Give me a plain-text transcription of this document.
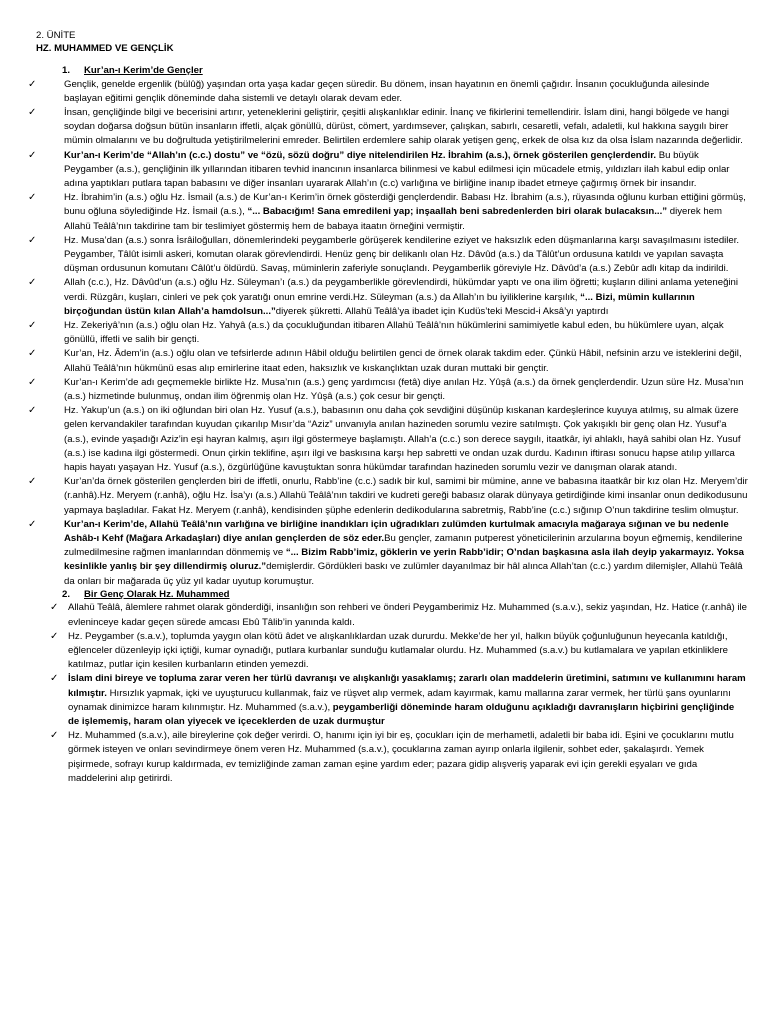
2. ÜNİTE
HZ. MUHAMMED VE GENÇLİK
1. Kur’an-ı Kerim’de Gençler

✓	Gençlik, genelde ergenlik (bülûğ) yaşından orta yaşa kadar geçen süredir. Bu dönem, insan hayatının en önemli çağıdır. İnsanın çocukluğunda ailesinde başlayan eğitimi gençlik döneminde daha sistemli ve detaylı olarak devam eder.

✓	İnsan, gençliğinde bilgi ve becerisini artırır, yeteneklerini geliştirir, çeşitli alışkanlıklar edinir. İnanç ve fikirlerini temellendirir. İslam dini, hangi bölgede ve hangi soydan doğarsa doğsun bütün insanların iffetli, alçak gönüllü, dürüst, cömert, yardımsever, çalışkan, sabırlı, cesaretli, vefalı, adaletli, kul hakkına saygılı birer mümin olmalarını ve bu doğrultuda yetiştirilmelerini emreder. Belirtilen erdemlere sahip olarak yetişen genç, erkek de olsa kız da olsa İslam nazarında değerlidir.

✓	Kur’an-ı Kerim’de “Allah’ın (c.c.) dostu” ve “özü, sözü doğru” diye nitelendirilen Hz. İbrahim (a.s.), örnek gösterilen gençlerdendir. Bu büyük Peygamber (a.s.), gençliğinin ilk yıllarından itibaren tevhid inancının insanlarca bilinmesi ve kabul edilmesi için mücadele etmiş, yıldızları ilah kabul edip onlar adına yaptıkları putlara tapan babasını ve diğer insanları uyararak Allah’ın (c.c) varlığına ve birliğine inanıp ibadet etmeye çağırmış örnek bir insandır.

✓	Hz. İbrahim’in (a.s.) oğlu Hz. İsmail (a.s.) de Kur’an-ı Kerim’in örnek gösterdiği gençlerdendir. Babası Hz. İbrahim (a.s.), rüyasında oğlunu kurban ettiğini görmüş, bunu oğluna söylediğinde Hz. İsmail (a.s.), “... Babacığım! Sana emredileni yap; inşaallah beni sabredenlerden biri olarak bulacaksın...” diyerek hem Allahü Teâlâ’nın takdirine tam bir teslimiyet göstermiş hem de babaya itaatın örneğini vermiştir.

✓	Hz. Musa’dan (a.s.) sonra İsrâiloğulları, dönemlerindeki peygamberle görüşerek kendilerine eziyet ve haksızlık eden düşmanlarına karşı savaşılmasını istediler. Peygamber, Tâlût isimli askeri, komutan olarak görevlendirdi. Henüz genç bir delikanlı olan Hz. Dâvûd (a.s.) da Tâlût’un ordusuna katıldı ve yapılan savaşta düşman ordusunun komutanı Câlût’u öldürdü. Savaş, müminlerin zaferiyle sonuçlandı. Peygamberlik göreviyle Hz. Dâvûd’a (a.s.) Zebûr adlı kitap da indirildi.

✓	Allah (c.c.), Hz. Dâvûd’un (a.s.) oğlu Hz. Süleyman’ı (a.s.) da peygamberlikle görevlendirdi, hükümdar yaptı ve ona ilim öğretti; kuşların dilini anlama yeteneğini verdi. Rüzgârı, kuşları, cinleri ve pek çok yaratığı onun emrine verdi.Hz. Süleyman (a.s.) da Allah’ın bu iyiliklerine karşılık, “... Bizi, mümin kullarının birçoğundan üstün kılan Allah’a hamdolsun...”diyerek şükretti. Allahü Teâlâ’ya ibadet için Kudüs’teki Mescid-i Aksâ’yı yaptırdı

✓	Hz. Zekeriyâ’nın (a.s.) oğlu olan Hz. Yahyâ (a.s.) da çocukluğundan itibaren Allahü Teâlâ’nın hükümlerini samimiyetle kabul eden, bu hükümlere uyan, alçak gönüllü, iffetli ve salih bir gençti.

✓	Kur’an, Hz. Âdem’in (a.s.) oğlu olan ve tefsirlerde adının Hâbil olduğu belirtilen genci de örnek olarak takdim eder. Çünkü Hâbil, nefsinin arzu ve isteklerini değil, Allahü Teâlâ’nın hükmünü esas alıp emirlerine itaat eden, haksızlık ve kıskançlıktan uzak duran muttaki bir gençtir.

✓	Kur’an-ı Kerim’de adı geçmemekle birlikte Hz. Musa’nın (a.s.) genç yardımcısı (fetâ) diye anılan Hz. Yûşâ (a.s.) da örnek gençlerdendir. Uzun süre Hz. Musa’nın (a.s.) hizmetinde bulunmuş, ondan ilim öğrenmiş olan Hz. Yûşâ (a.s.) çok cesur bir gençti.

✓	Hz. Yakup’un (a.s.) on iki oğlundan biri olan Hz. Yusuf (a.s.), babasının onu daha çok sevdiğini düşünüp kıskanan kardeşlerince kuyuya atılmış, su almak üzere gelen kervandakiler tarafından kuyudan çıkarılıp Mısır’da “Aziz” unvanıyla anılan hazineden sorumlu vezire satılmıştı. Çok yakışıklı bir genç olan Hz. Yusuf’a (a.s.), evinde yaşadığı Aziz’in eşi hayran kalmış, aşırı ilgi göstermeye başlamıştı. Allah’a (c.c.) son derece saygılı, itaatkâr, iyi ahlaklı, hayâ sahibi olan Hz. Yusuf (a.s.) ise kadına ilgi göstermedi. Onun çirkin teklifine, aşırı ilgi ve baskısına karşı hep sabretti ve ondan uzak durdu. Kadının iftirası sonucu hapse atılıp yıllarca hapis hayatı yaşayan Hz. Yusuf (a.s.), özgürlüğüne kavuştuktan sonra hükümdar tarafından hazineden sorumlu vezir ve danışman olarak atandı.

✓	Kur’an’da örnek gösterilen gençlerden biri de iffetli, onurlu, Rabb’ine (c.c.) sadık bir kul, samimi bir mümine, anne ve babasına itaatkâr bir kız olan Hz. Meryem’dir (r.anhâ).Hz. Meryem (r.anhâ), oğlu Hz. İsa’yı (a.s.) Allahü Teâlâ’nın takdiri ve kudreti gereği babasız olarak dünyaya getirdiğinde kimi insanlar onun dedikodusunu yapmaya başladılar. Fakat Hz. Meryem (r.anhâ), kendisinden şüphe edenlerin dedikodularına sabretmiş, Rabb’ine (c.c.) sığınıp O’nun takdirine teslim olmuştur.

✓	Kur’an-ı Kerim’de, Allahü Teâlâ’nın varlığına ve birliğine inandıkları için uğradıkları zulümden kurtulmak amacıyla mağaraya sığınan ve bu nedenle Ashâb-ı Kehf (Mağara Arkadaşları) diye anılan gençlerden de söz eder.Bu gençler, zamanın putperest yöneticilerinin arzularına boyun eğmemiş, kendilerine zulmedilmesine rağmen imanlarından dönmemiş ve “... Bizim Rabb’imiz, göklerin ve yerin Rabb’idir; O’ndan başkasına asla ilah deyip yakarmayız. Yoksa kesinlikle yanlış bir şey dillendirmiş oluruz.”demişlerdir. Gördükleri baskı ve zulümler dayanılmaz bir hâl alınca Allah’tan (c.c.) yardım dilemişler, Allahü Teâlâ da onları bir mağarada üç yüz yıl kadar uyutup korumuştur.

2. Bir Genç Olarak Hz. Muhammed

✓ Allahü Teâlâ, âlemlere rahmet olarak gönderdiği, insanlığın son rehberi ve önderi Peygamberimiz Hz. Muhammed (s.a.v.), sekiz yaşından, Hz. Hatice (r.anhâ) ile evleninceye kadar geçen sürede amcası Ebû Tâlib’in yanında kaldı.

✓ Hz. Peygamber (s.a.v.), toplumda yaygın olan kötü âdet ve alışkanlıklardan uzak dururdu. Mekke’de her yıl, halkın büyük çoğunluğunun heyecanla katıldığı, eğlenceler düzenleyip içki içtiği, kumar oynadığı, putlara kurbanlar sunduğu kutlamalar olurdu. Hz. Muhammed (s.a.v.) bu kutlamalara ve yapılan etkinliklere katılmaz, putlar için kesilen kurbanların etinden yemezdi.

✓ İslam dini bireye ve topluma zarar veren her türlü davranışı ve alışkanlığı yasaklamış; zararlı olan maddelerin üretimini, satımını ve kullanımını haram kılmıştır. Hırsızlık yapmak, içki ve uyuşturucu kullanmak, faiz ve rüşvet alıp vermek, adam kayırmak, kamu mallarına zarar vermek, her türlü şans oyunlarını oynamak dinimizce haram kılınmıştır. Hz. Muhammed (s.a.v.), peygamberliği döneminde haram olduğunu açıkladığı davranışların hiçbirini gençliğinde de işlememiş, haram olan yiyecek ve içeceklerden de uzak durmuştur

✓ Hz. Muhammed (s.a.v.), aile bireylerine çok değer verirdi. O, hanımı için iyi bir eş, çocukları için de merhametli, adaletli bir baba idi. Eşini ve çocuklarını mutlu görmek isteyen ve onları sevindirmeye önem veren Hz. Muhammed (s.a.v.), çocuklarına zaman ayırıp onlarla ilgilenir, sohbet eder, şakalaşırdı. Yemek pişirmede, sofrayı kurup kaldırmada, ev temizliğinde zaman zaman eşine yardım eder; pazara gidip alışveriş yaparak evi için gerekli eşyaları ve gıda maddelerini alıp getirirdi.
